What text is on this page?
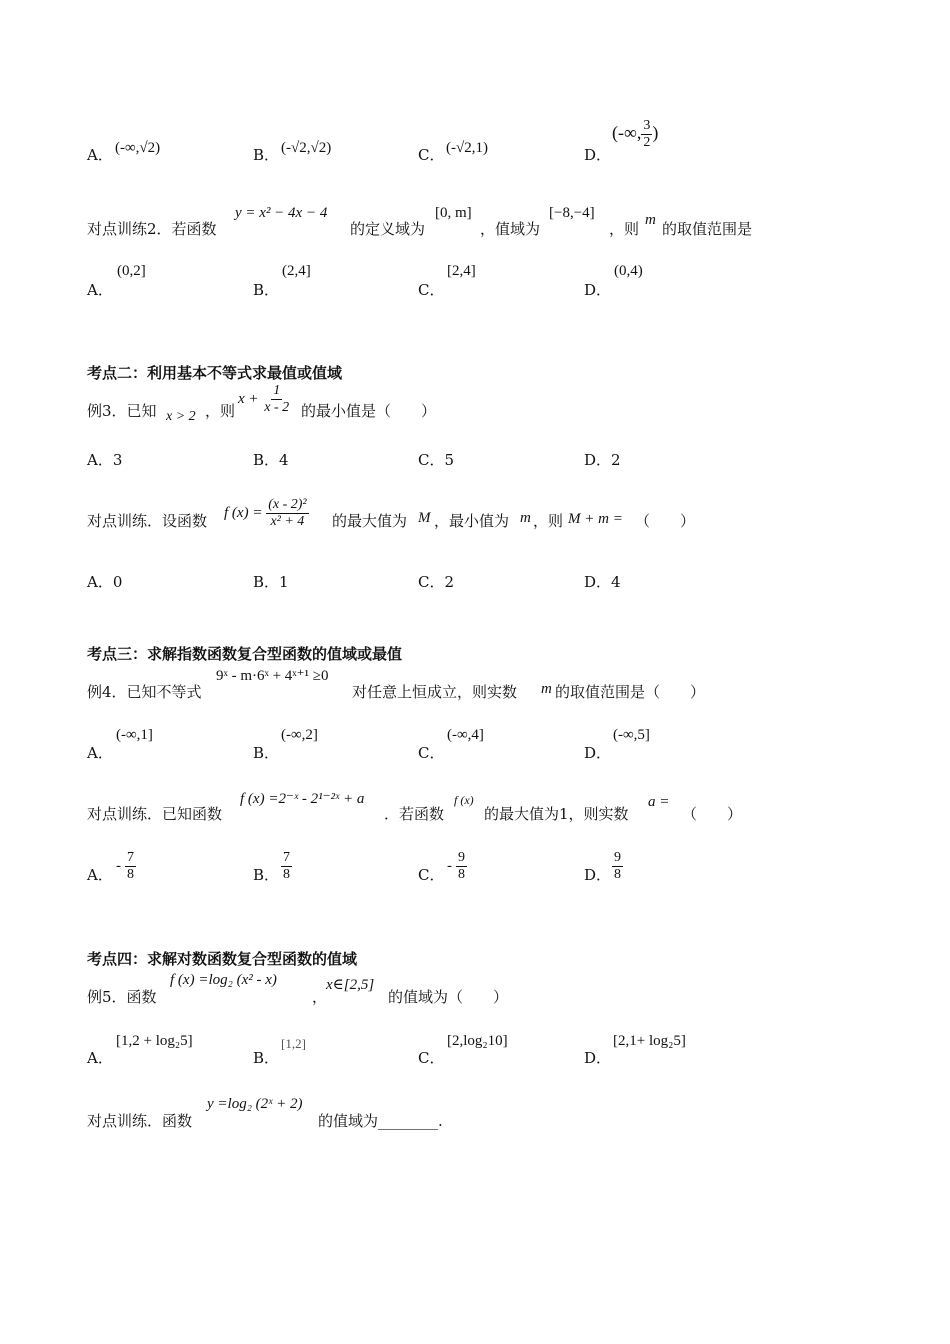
A． (-∞,√2)	B． (-√2,√2)	C． (-√2,1)	D．
(-∞, $\frac{3}{2}$ )
对点训练2．若函数
y = x² − 4x − 4
的定义域为
[0, m]
，值域为
[−8,−4]
，则 m 的取值范围是
A．
(0,2]
B．
(2,4]
C．
[2,4]
D．
(0,4)
考点二：利用基本不等式求最值或值域
例3．已知 x > 2 ，则
$x + \frac{1}{x - 2}$ 的最小值是（　　）
A．3	B．4	C．5	D．2
对点训练．设函数 f $(x) = \frac{\text{(x - 2)²}}{\text{x² + 4}}$ 的最大值为 M ，最小值为 m ，则 M + m = （　　）
A．0	B．1	C．2	D．4
考点三：求解指数函数复合型函数的值域或最值
例4．已知不等式
9ˣ - m·6ˣ + 4ˣ⁺¹ ≥0
对任意上恒成立，则实数 m 的取值范围是（　　）
A．
(-∞,1]
B．
(-∞,2]
C．
(-∞,4]
D．
(-∞,5]
对点训练．已知函数
f (x) =2⁻ˣ - 2¹⁻²ˣ + a
．若函数
f (x)
的最大值为1，则实数
a =
（　　）
A．
- $\frac{7}{8}$	B． $\frac{7}{8}$	C．
- $\frac{9}{8}$	D． $\frac{9}{8}$
考点四：求解对数函数复合型函数的值域
例5．函数
f (x) =log₂ (x² - x)
，
x∈[2,5]
的值域为（　　）
A．
[1,2 + log₂5]
B．
[1,2]
C．
[2,log₂10]
D．
[2,1+ log₂5]
对点训练．函数
y =log₂ (2ˣ + 2)
的值域为________.
